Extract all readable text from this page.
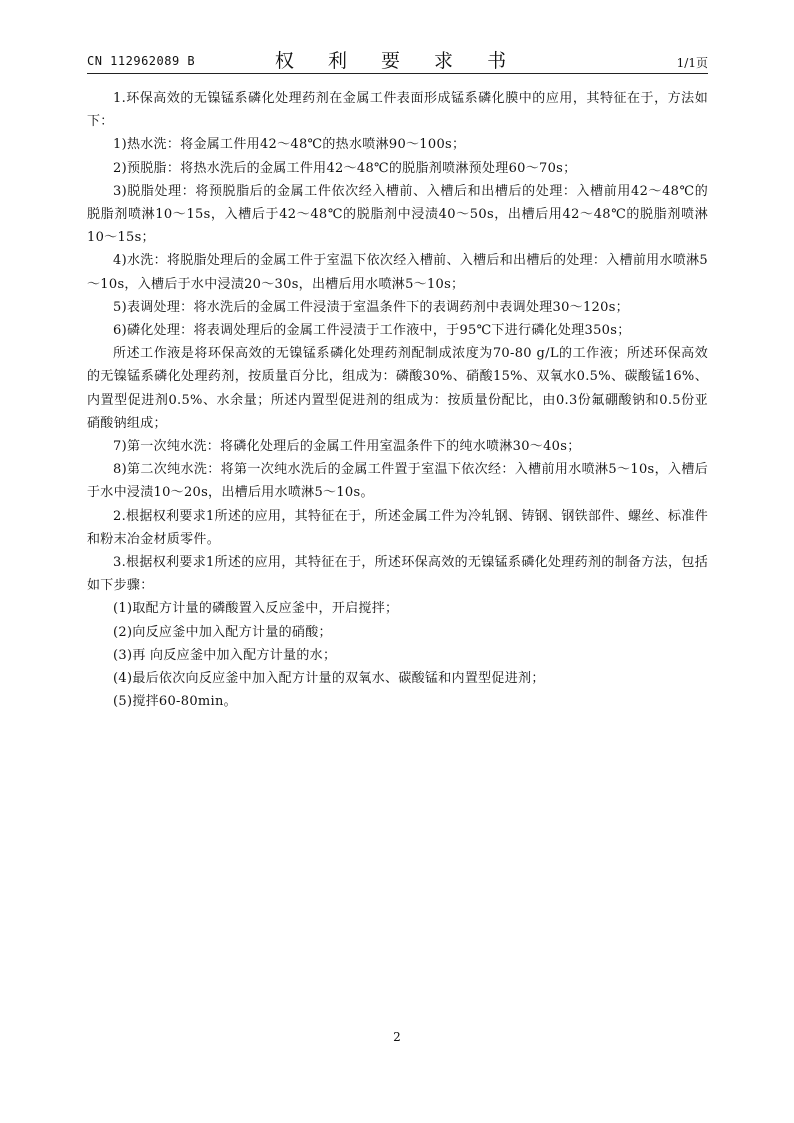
CN 112962089 B	权 利 要 求 书	1/1页

1.环保高效的无镍锰系磷化处理药剂在金属工件表面形成锰系磷化膜中的应用，其特征在于，方法如下：

1)热水洗：将金属工件用42～48℃的热水喷淋90～100s；

2)预脱脂：将热水洗后的金属工件用42～48℃的脱脂剂喷淋预处理60～70s；

3)脱脂处理：将预脱脂后的金属工件依次经入槽前、入槽后和出槽后的处理：入槽前用42～48℃的脱脂剂喷淋10～15s，入槽后于42～48℃的脱脂剂中浸渍40～50s，出槽后用42～48℃的脱脂剂喷淋10～15s；

4)水洗：将脱脂处理后的金属工件于室温下依次经入槽前、入槽后和出槽后的处理：入槽前用水喷淋5～10s，入槽后于水中浸渍20～30s，出槽后用水喷淋5～10s；

5)表调处理：将水洗后的金属工件浸渍于室温条件下的表调药剂中表调处理30～120s；

6)磷化处理：将表调处理后的金属工件浸渍于工作液中，于95℃下进行磷化处理350s；

所述工作液是将环保高效的无镍锰系磷化处理药剂配制成浓度为70-80 g/L的工作液；所述环保高效的无镍锰系磷化处理药剂，按质量百分比，组成为：磷酸30%、硝酸15%、双氧水0.5%、碳酸锰16%、内置型促进剂0.5%、水余量；所述内置型促进剂的组成为：按质量份配比，由0.3份氟硼酸钠和0.5份亚硝酸钠组成；

7)第一次纯水洗：将磷化处理后的金属工件用室温条件下的纯水喷淋30～40s；

8)第二次纯水洗：将第一次纯水洗后的金属工件置于室温下依次经：入槽前用水喷淋5～10s，入槽后于水中浸渍10～20s，出槽后用水喷淋5～10s。

2.根据权利要求1所述的应用，其特征在于，所述金属工件为冷轧钢、铸钢、钢铁部件、螺丝、标准件和粉末冶金材质零件。

3.根据权利要求1所述的应用，其特征在于，所述环保高效的无镍锰系磷化处理药剂的制备方法，包括如下步骤：

(1)取配方计量的磷酸置入反应釜中，开启搅拌；

(2)向反应釜中加入配方计量的硝酸；

(3)再 向反应釜中加入配方计量的水；

(4)最后依次向反应釜中加入配方计量的双氧水、碳酸锰和内置型促进剂；

(5)搅拌60-80min。

2
